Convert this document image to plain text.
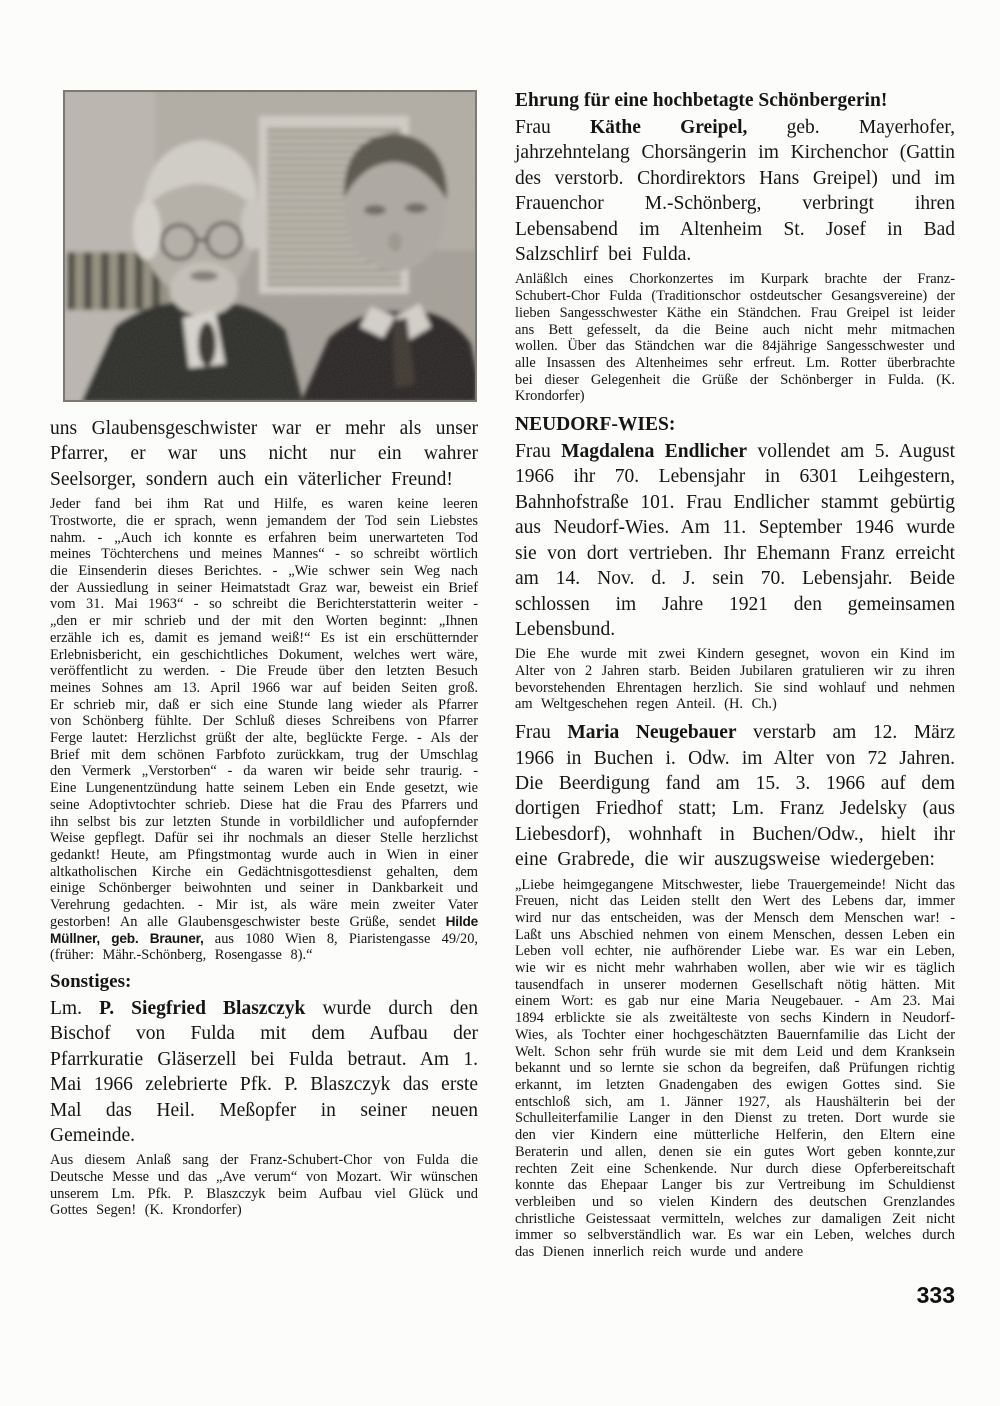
uns Glaubensgeschwister war er mehr als unser Pfarrer, er war uns nicht nur ein wahrer Seelsorger, sondern auch ein väterlicher Freund!

Jeder fand bei ihm Rat und Hilfe, es waren keine leeren Trostworte, die er sprach, wenn jemandem der Tod sein Liebstes nahm. - „Auch ich konnte es erfahren beim unerwarteten Tod meines Töchterchens und meines Mannes“ - so schreibt wörtlich die Einsenderin dieses Berichtes. - „Wie schwer sein Weg nach der Aussiedlung in seiner Heimatstadt Graz war, beweist ein Brief vom 31. Mai 1963“ - so schreibt die Berichterstatterin weiter - „den er mir schrieb und der mit den Worten beginnt: „Ihnen erzähle ich es, damit es jemand weiß!“ Es ist ein erschütternder Erlebnisbericht, ein geschichtliches Dokument, welches wert wäre, veröffentlicht zu werden. - Die Freude über den letzten Besuch meines Sohnes am 13. April 1966 war auf beiden Seiten groß. Er schrieb mir, daß er sich eine Stunde lang wieder als Pfarrer von Schönberg fühlte. Der Schluß dieses Schreibens von Pfarrer Ferge lautet: Herzlichst grüßt der alte, beglückte Ferge. - Als der Brief mit dem schönen Farbfoto zurückkam, trug der Umschlag den Vermerk „Verstorben“ - da waren wir beide sehr traurig. - Eine Lungenentzündung hatte seinem Leben ein Ende gesetzt, wie seine Adoptivtochter schrieb. Diese hat die Frau des Pfarrers und ihn selbst bis zur letzten Stunde in vorbildlicher und aufopfernder Weise gepflegt. Dafür sei ihr nochmals an dieser Stelle herzlichst gedankt! Heute, am Pfingstmontag wurde auch in Wien in einer altkatholischen Kirche ein Gedächtnisgottesdienst gehalten, dem einige Schönberger beiwohnten und seiner in Dankbarkeit und Verehrung gedachten. - Mir ist, als wäre mein zweiter Vater gestorben! An alle Glaubensgeschwister beste Grüße, sendet Hilde Müllner, geb. Brauner, aus 1080 Wien 8, Piaristengasse 49/20, (früher: Mähr.-Schönberg, Rosengasse 8).“

Sonstiges:

Lm. P. Siegfried Blaszczyk wurde durch den Bischof von Fulda mit dem Aufbau der Pfarrkuratie Gläserzell bei Fulda betraut. Am 1. Mai 1966 zelebrierte Pfk. P. Blaszczyk das erste Mal das Heil. Meßopfer in seiner neuen Gemeinde.

Aus diesem Anlaß sang der Franz-Schubert-Chor von Fulda die Deutsche Messe und das „Ave verum“ von Mozart. Wir wünschen unserem Lm. Pfk. P. Blaszczyk beim Aufbau viel Glück und Gottes Segen! (K. Krondorfer)

Ehrung für eine hochbetagte Schönbergerin!

Frau Käthe Greipel, geb. Mayerhofer, jahrzehntelang Chorsängerin im Kirchenchor (Gattin des verstorb. Chordirektors Hans Greipel) und im Frauenchor M.-Schönberg, verbringt ihren Lebensabend im Altenheim St. Josef in Bad Salzschlirf bei Fulda.

Anläßlch eines Chorkonzertes im Kurpark brachte der Franz-Schubert-Chor Fulda (Traditionschor ostdeutscher Gesangsvereine) der lieben Sangesschwester Käthe ein Ständchen. Frau Greipel ist leider ans Bett gefesselt, da die Beine auch nicht mehr mitmachen wollen. Über das Ständchen war die 84jährige Sangesschwester und alle Insassen des Altenheimes sehr erfreut. Lm. Rotter überbrachte bei dieser Gelegenheit die Grüße der Schönberger in Fulda. (K. Krondorfer)

NEUDORF-WIES:

Frau Magdalena Endlicher vollendet am 5. August 1966 ihr 70. Lebensjahr in 6301 Leihgestern, Bahnhofstraße 101. Frau Endlicher stammt gebürtig aus Neudorf-Wies. Am 11. September 1946 wurde sie von dort vertrieben. Ihr Ehemann Franz erreicht am 14. Nov. d. J. sein 70. Lebensjahr. Beide schlossen im Jahre 1921 den gemeinsamen Lebensbund.

Die Ehe wurde mit zwei Kindern gesegnet, wovon ein Kind im Alter von 2 Jahren starb. Beiden Jubilaren gratulieren wir zu ihren bevorstehenden Ehrentagen herzlich. Sie sind wohlauf und nehmen am Weltgeschehen regen Anteil. (H. Ch.)

Frau Maria Neugebauer verstarb am 12. März 1966 in Buchen i. Odw. im Alter von 72 Jahren. Die Beerdigung fand am 15. 3. 1966 auf dem dortigen Friedhof statt; Lm. Franz Jedelsky (aus Liebesdorf), wohnhaft in Buchen/Odw., hielt ihr eine Grabrede, die wir auszugsweise wiedergeben:

„Liebe heimgegangene Mitschwester, liebe Trauergemeinde! Nicht das Freuen, nicht das Leiden stellt den Wert des Lebens dar, immer wird nur das entscheiden, was der Mensch dem Menschen war! - Laßt uns Abschied nehmen von einem Menschen, dessen Leben ein Leben voll echter, nie aufhörender Liebe war. Es war ein Leben, wie wir es nicht mehr wahrhaben wollen, aber wie wir es täglich tausendfach in unserer modernen Gesellschaft nötig hätten. Mit einem Wort: es gab nur eine Maria Neugebauer. - Am 23. Mai 1894 erblickte sie als zweitälteste von sechs Kindern in Neudorf-Wies, als Tochter einer hochgeschätzten Bauernfamilie das Licht der Welt. Schon sehr früh wurde sie mit dem Leid und dem Kranksein bekannt und so lernte sie schon da begreifen, daß Prüfungen richtig erkannt, im letzten Gnadengaben des ewigen Gottes sind. Sie entschloß sich, am 1. Jänner 1927, als Haushälterin bei der Schulleiterfamilie Langer in den Dienst zu treten. Dort wurde sie den vier Kindern eine mütterliche Helferin, den Eltern eine Beraterin und allen, denen sie ein gutes Wort geben konnte,zur rechten Zeit eine Schenkende. Nur durch diese Opferbereitschaft konnte das Ehepaar Langer bis zur Vertreibung im Schuldienst verbleiben und so vielen Kindern des deutschen Grenzlandes christliche Geistessaat vermitteln, welches zur damaligen Zeit nicht immer so selbverständlich war. Es war ein Leben, welches durch das Dienen innerlich reich wurde und andere

333
